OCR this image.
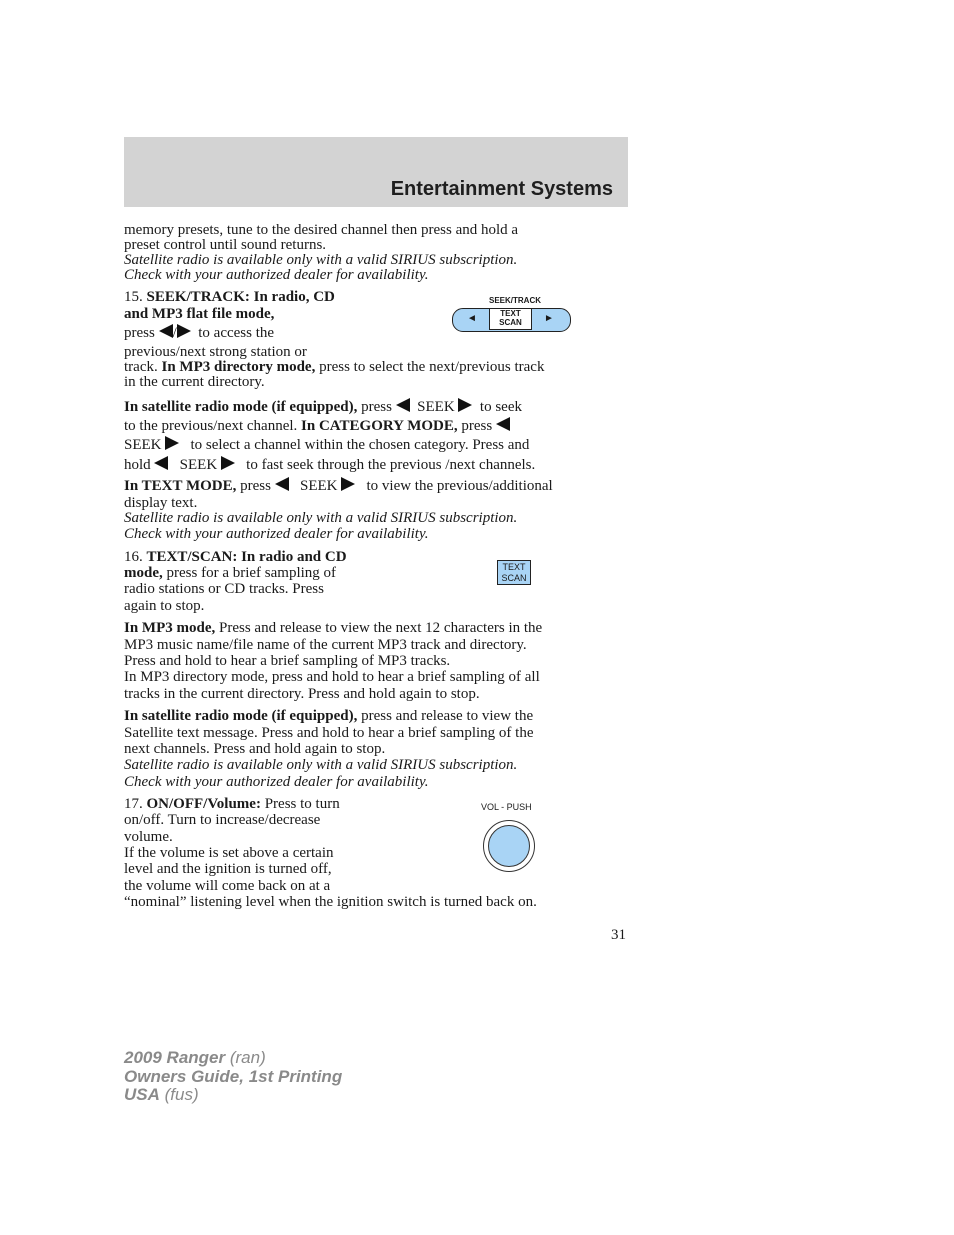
Entertainment Systems
memory presets, tune to the desired channel then press and hold a
preset control until sound returns.
Satellite radio is available only with a valid SIRIUS subscription.
Check with your authorized dealer for availability.
15. SEEK/TRACK: In radio, CD
and MP3 flat file mode,
press / to access the
previous/next strong station or
track. In MP3 directory mode, press to select the next/previous track
in the current directory.
In satellite radio mode (if equipped), press SEEK to seek
to the previous/next channel. In CATEGORY MODE, press
SEEK to select a channel within the chosen category. Press and
hold SEEK to fast seek through the previous /next channels.
In TEXT MODE, press SEEK to view the previous/additional
display text.
Satellite radio is available only with a valid SIRIUS subscription.
Check with your authorized dealer for availability.
SEEK/TRACK
◄	TEXT
SCAN	►
16. TEXT/SCAN: In radio and CD
mode, press for a brief sampling of
radio stations or CD tracks. Press
again to stop.
TEXT
SCAN
In MP3 mode, Press and release to view the next 12 characters in the
MP3 music name/file name of the current MP3 track and directory.
Press and hold to hear a brief sampling of MP3 tracks.
In MP3 directory mode, press and hold to hear a brief sampling of all
tracks in the current directory. Press and hold again to stop.
In satellite radio mode (if equipped), press and release to view the
Satellite text message. Press and hold to hear a brief sampling of the
next channels. Press and hold again to stop.
Satellite radio is available only with a valid SIRIUS subscription.
Check with your authorized dealer for availability.
17. ON/OFF/Volume: Press to turn
on/off. Turn to increase/decrease
volume.
If the volume is set above a certain
level and the ignition is turned off,
the volume will come back on at a
“nominal” listening level when the ignition switch is turned back on.
VOL - PUSH
31
2009 Ranger (ran)
Owners Guide, 1st Printing
USA (fus)
